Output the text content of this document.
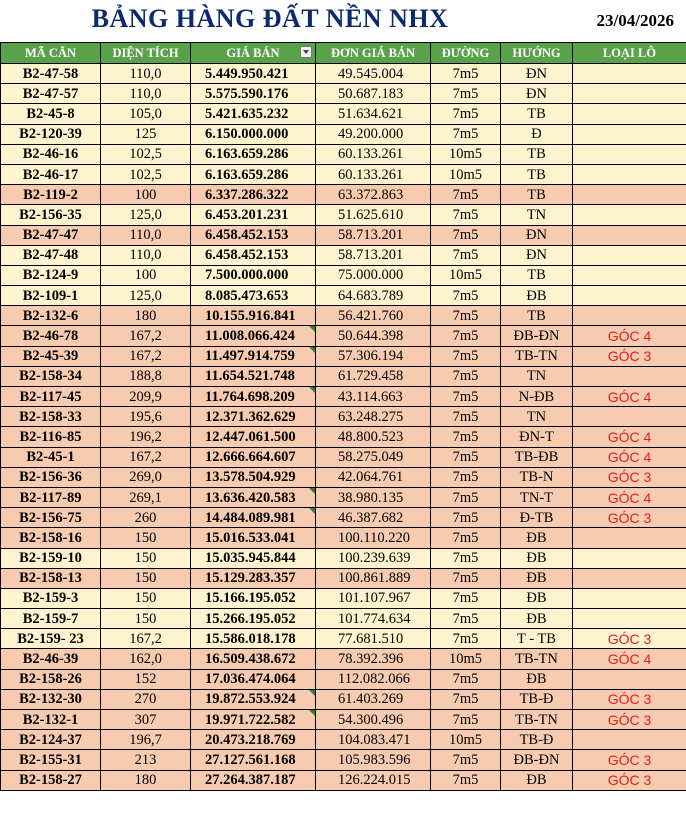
BẢNG HÀNG ĐẤT NỀN NHX	23/04/2026
MÃ CĂN	DIỆN TÍCH	GIÁ BÁN	ĐƠN GIÁ BÁN	ĐƯỜNG	HƯỚNG	LOẠI LÔ
B2-47-58	110,0	5.449.950.421	49.545.004	7m5	ĐN	
B2-47-57	110,0	5.575.590.176	50.687.183	7m5	ĐN	
B2-45-8	105,0	5.421.635.232	51.634.621	7m5	TB	
B2-120-39	125	6.150.000.000	49.200.000	7m5	Đ	
B2-46-16	102,5	6.163.659.286	60.133.261	10m5	TB	
B2-46-17	102,5	6.163.659.286	60.133.261	10m5	TB	
B2-119-2	100	6.337.286.322	63.372.863	7m5	TB	
B2-156-35	125,0	6.453.201.231	51.625.610	7m5	TN	
B2-47-47	110,0	6.458.452.153	58.713.201	7m5	ĐN	
B2-47-48	110,0	6.458.452.153	58.713.201	7m5	ĐN	
B2-124-9	100	7.500.000.000	75.000.000	10m5	TB	
B2-109-1	125,0	8.085.473.653	64.683.789	7m5	ĐB	
B2-132-6	180	10.155.916.841	56.421.760	7m5	TB	
B2-46-78	167,2	11.008.066.424	50.644.398	7m5	ĐB-ĐN	GÓC 4
B2-45-39	167,2	11.497.914.759	57.306.194	7m5	TB-TN	GÓC 3
B2-158-34	188,8	11.654.521.748	61.729.458	7m5	TN	
B2-117-45	209,9	11.764.698.209	43.114.663	7m5	N-ĐB	GÓC 4
B2-158-33	195,6	12.371.362.629	63.248.275	7m5	TN	
B2-116-85	196,2	12.447.061.500	48.800.523	7m5	ĐN-T	GÓC 4
B2-45-1	167,2	12.666.664.607	58.275.049	7m5	TB-ĐB	GÓC 4
B2-156-36	269,0	13.578.504.929	42.064.761	7m5	TB-N	GÓC 3
B2-117-89	269,1	13.636.420.583	38.980.135	7m5	TN-T	GÓC 4
B2-156-75	260	14.484.089.981	46.387.682	7m5	Đ-TB	GÓC 3
B2-158-16	150	15.016.533.041	100.110.220	7m5	ĐB	
B2-159-10	150	15.035.945.844	100.239.639	7m5	ĐB	
B2-158-13	150	15.129.283.357	100.861.889	7m5	ĐB	
B2-159-3	150	15.166.195.052	101.107.967	7m5	ĐB	
B2-159-7	150	15.266.195.052	101.774.634	7m5	ĐB	
B2-159- 23	167,2	15.586.018.178	77.681.510	7m5	T - TB	GÓC 3
B2-46-39	162,0	16.509.438.672	78.392.396	10m5	TB-TN	GÓC 4
B2-158-26	152	17.036.474.064	112.082.066	7m5	ĐB	
B2-132-30	270	19.872.553.924	61.403.269	7m5	TB-Đ	GÓC 3
B2-132-1	307	19.971.722.582	54.300.496	7m5	TB-TN	GÓC 3
B2-124-37	196,7	20.473.218.769	104.083.471	10m5	TB-Đ	
B2-155-31	213	27.127.561.168	105.983.596	7m5	ĐB-ĐN	GÓC 3
B2-158-27	180	27.264.387.187	126.224.015	7m5	ĐB	GÓC 3
